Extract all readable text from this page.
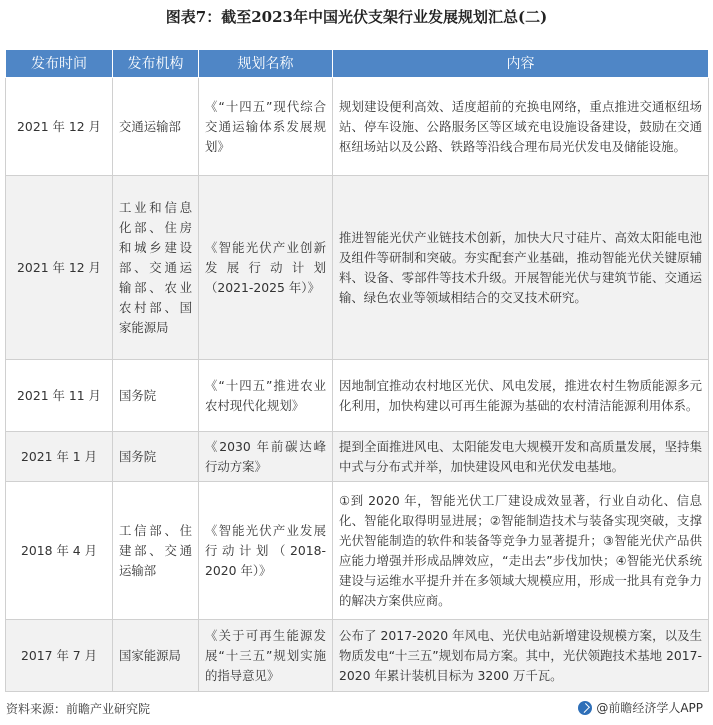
图表7：截至2023年中国光伏支架行业发展规划汇总(二)
发布时间	发布机构	规划名称	内容
2021 年 12 月	交通运输部	《“十四五”现代综合交通运输体系发展规划》	规划建设便利高效、适度超前的充换电网络，重点推进交通枢纽场站、停车设施、公路服务区等区域充电设施设备建设，鼓励在交通枢纽场站以及公路、铁路等沿线合理布局光伏发电及储能设施。
2021 年 12 月	工业和信息化部、住房和城乡建设部、交通运输部、农业农村部、国家能源局	《智能光伏产业创新发展行动计划（2021-2025 年）》	推进智能光伏产业链技术创新，加快大尺寸硅片、高效太阳能电池及组件等研制和突破。夯实配套产业基础，推动智能光伏关键原辅料、设备、零部件等技术升级。开展智能光伏与建筑节能、交通运输、绿色农业等领域相结合的交叉技术研究。
2021 年 11 月	国务院	《“十四五”推进农业农村现代化规划》	因地制宜推动农村地区光伏、风电发展，推进农村生物质能源多元化利用，加快构建以可再生能源为基础的农村清洁能源利用体系。
2021 年 1 月	国务院	《2030 年前碳达峰行动方案》	提到全面推进风电、太阳能发电大规模开发和高质量发展，坚持集中式与分布式并举，加快建设风电和光伏发电基地。
2018 年 4 月	工信部、住建部、交通运输部	《智能光伏产业发展行动计划（2018-2020 年）》	①到 2020 年，智能光伏工厂建设成效显著，行业自动化、信息化、智能化取得明显进展；②智能制造技术与装备实现突破，支撑光伏智能制造的软件和装备等竞争力显著提升；③智能光伏产品供应能力增强并形成品牌效应，“走出去”步伐加快；④智能光伏系统建设与运维水平提升并在多领域大规模应用，形成一批具有竞争力的解决方案供应商。
2017 年 7 月	国家能源局	《关于可再生能源发展“十三五”规划实施的指导意见》	公布了 2017-2020 年风电、光伏电站新增建设规模方案，以及生物质发电“十三五”规划布局方案。其中，光伏领跑技术基地 2017-2020 年累计装机目标为 3200 万千瓦。
资料来源：前瞻产业研究院	@前瞻经济学人APP
